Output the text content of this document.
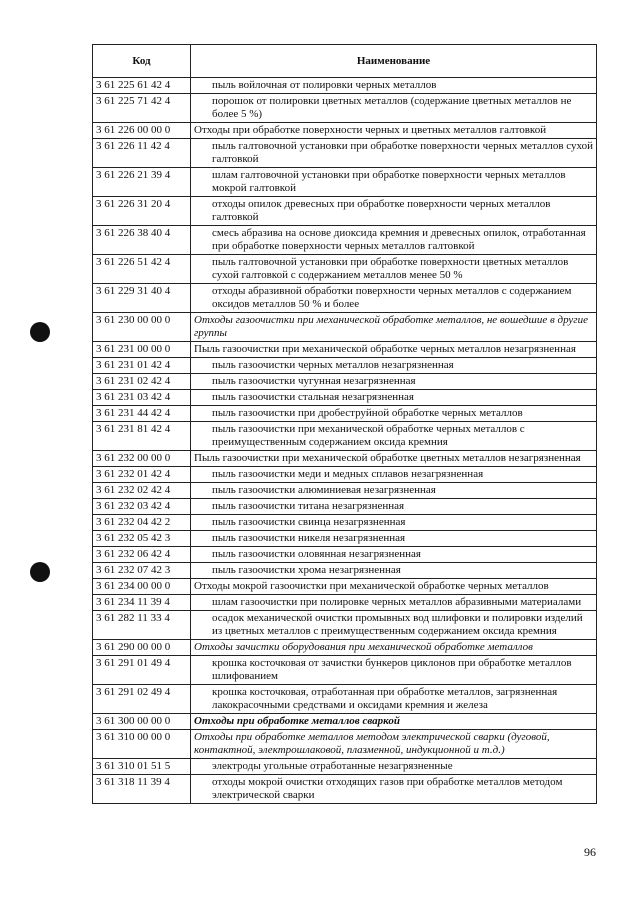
Код	Наименование
3 61 225 61 42 4	пыль войлочная от полировки черных металлов

3 61 225 71 42 4	порошок от полировки цветных металлов (содержание цветных металлов не более 5 %)

3 61 226 00 00 0	Отходы при обработке поверхности черных и цветных металлов галтовкой
3 61 226 11 42 4	пыль галтовочной установки при обработке поверхности черных металлов сухой галтовкой

3 61 226 21 39 4	шлам галтовочной установки при обработке поверхности черных металлов мокрой галтовкой

3 61 226 31 20 4	отходы опилок древесных при обработке поверхности черных металлов галтовкой

3 61 226 38 40 4	смесь абразива на основе диоксида кремния и древесных опилок, отработанная при обработке поверхности черных металлов галтовкой

3 61 226 51 42 4	пыль галтовочной установки при обработке поверхности цветных металлов сухой галтовкой с содержанием металлов менее 50 %

3 61 229 31 40 4	отходы абразивной обработки поверхности черных металлов с содержанием оксидов металлов 50 % и более

3 61 230 00 00 0	Отходы газоочистки при механической обработке металлов, не вошедшие в другие группы
3 61 231 00 00 0	Пыль газоочистки при механической обработке черных металлов незагрязненная
3 61 231 01 42 4	пыль газоочистки черных металлов незагрязненная

3 61 231 02 42 4	пыль газоочистки чугунная незагрязненная

3 61 231 03 42 4	пыль газоочистки стальная незагрязненная

3 61 231 44 42 4	пыль газоочистки при дробеструйной обработке черных металлов

3 61 231 81 42 4	пыль газоочистки при механической обработке черных металлов с преимущественным содержанием оксида кремния

3 61 232 00 00 0	Пыль газоочистки при механической обработке цветных металлов незагрязненная
3 61 232 01 42 4	пыль газоочистки меди и медных сплавов незагрязненная

3 61 232 02 42 4	пыль газоочистки алюминиевая незагрязненная

3 61 232 03 42 4	пыль газоочистки титана незагрязненная

3 61 232 04 42 2	пыль газоочистки свинца незагрязненная

3 61 232 05 42 3	пыль газоочистки никеля незагрязненная

3 61 232 06 42 4	пыль газоочистки оловянная незагрязненная

3 61 232 07 42 3	пыль газоочистки хрома незагрязненная

3 61 234 00 00 0	Отходы мокрой газоочистки при механической обработке черных металлов
3 61 234 11 39 4	шлам газоочистки при полировке черных металлов абразивными материалами

3 61 282 11 33 4	осадок механической очистки промывных вод шлифовки и полировки изделий из цветных металлов с преимущественным содержанием оксида кремния

3 61 290 00 00 0	Отходы зачистки оборудования при механической обработке металлов
3 61 291 01 49 4	крошка косточковая от зачистки бункеров циклонов при обработке металлов шлифованием

3 61 291 02 49 4	крошка косточковая, отработанная при обработке металлов, загрязненная лакокрасочными средствами и оксидами кремния и железа

3 61 300 00 00 0	Отходы при обработке металлов сваркой
3 61 310 00 00 0	Отходы при обработке металлов методом электрической сварки (дуговой, контактной, электрошлаковой, плазменной, индукционной и т.д.)
3 61 310 01 51 5	электроды угольные отработанные незагрязненные

3 61 318 11 39 4	отходы мокрой очистки отходящих газов при обработке металлов методом электрической сварки
96
